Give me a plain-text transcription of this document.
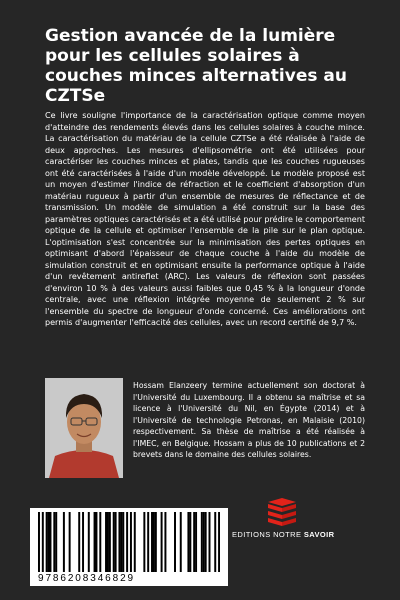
Gestion avancée de la lumière pour les cellules solaires à couches minces alternatives au CZTSe

Ce livre souligne l'importance de la caractérisation optique comme moyen d'atteindre des rendements élevés dans les cellules solaires à couche mince. La caractérisation du matériau de la cellule CZTSe a été réalisée à l'aide de deux approches. Les mesures d'ellipsométrie ont été utilisées pour caractériser les couches minces et plates, tandis que les couches rugueuses ont été caractérisées à l'aide d'un modèle développé. Le modèle proposé est un moyen d'estimer l'indice de réfraction et le coefficient d'absorption d'un matériau rugueux à partir d'un ensemble de mesures de réflectance et de transmission. Un modèle de simulation a été construit sur la base des paramètres optiques caractérisés et a été utilisé pour prédire le comportement optique de la cellule et optimiser l'ensemble de la pile sur le plan optique. L'optimisation s'est concentrée sur la minimisation des pertes optiques en optimisant d'abord l'épaisseur de chaque couche à l'aide du modèle de simulation construit et en optimisant ensuite la performance optique à l'aide d'un revêtement antireflet (ARC). Les valeurs de réflexion sont passées d'environ 10 % à des valeurs aussi faibles que 0,45 % à la longueur d'onde centrale, avec une réflexion intégrée moyenne de seulement 2 % sur l'ensemble du spectre de longueur d'onde concerné. Ces améliorations ont permis d'augmenter l'efficacité des cellules, avec un record certifié de 9,7 %.

Hossam Elanzeery termine actuellement son doctorat à l'Université du Luxembourg. Il a obtenu sa maîtrise et sa licence à l'Université du Nil, en Égypte (2014) et à l'Université de technologie Petronas, en Malaisie (2010) respectivement. Sa thèse de maîtrise a été réalisée à l'IMEC, en Belgique. Hossam a plus de 10 publications et 2 brevets dans le domaine des cellules solaires.

9786208346829
EDITIONS NOTRE SAVOIR
